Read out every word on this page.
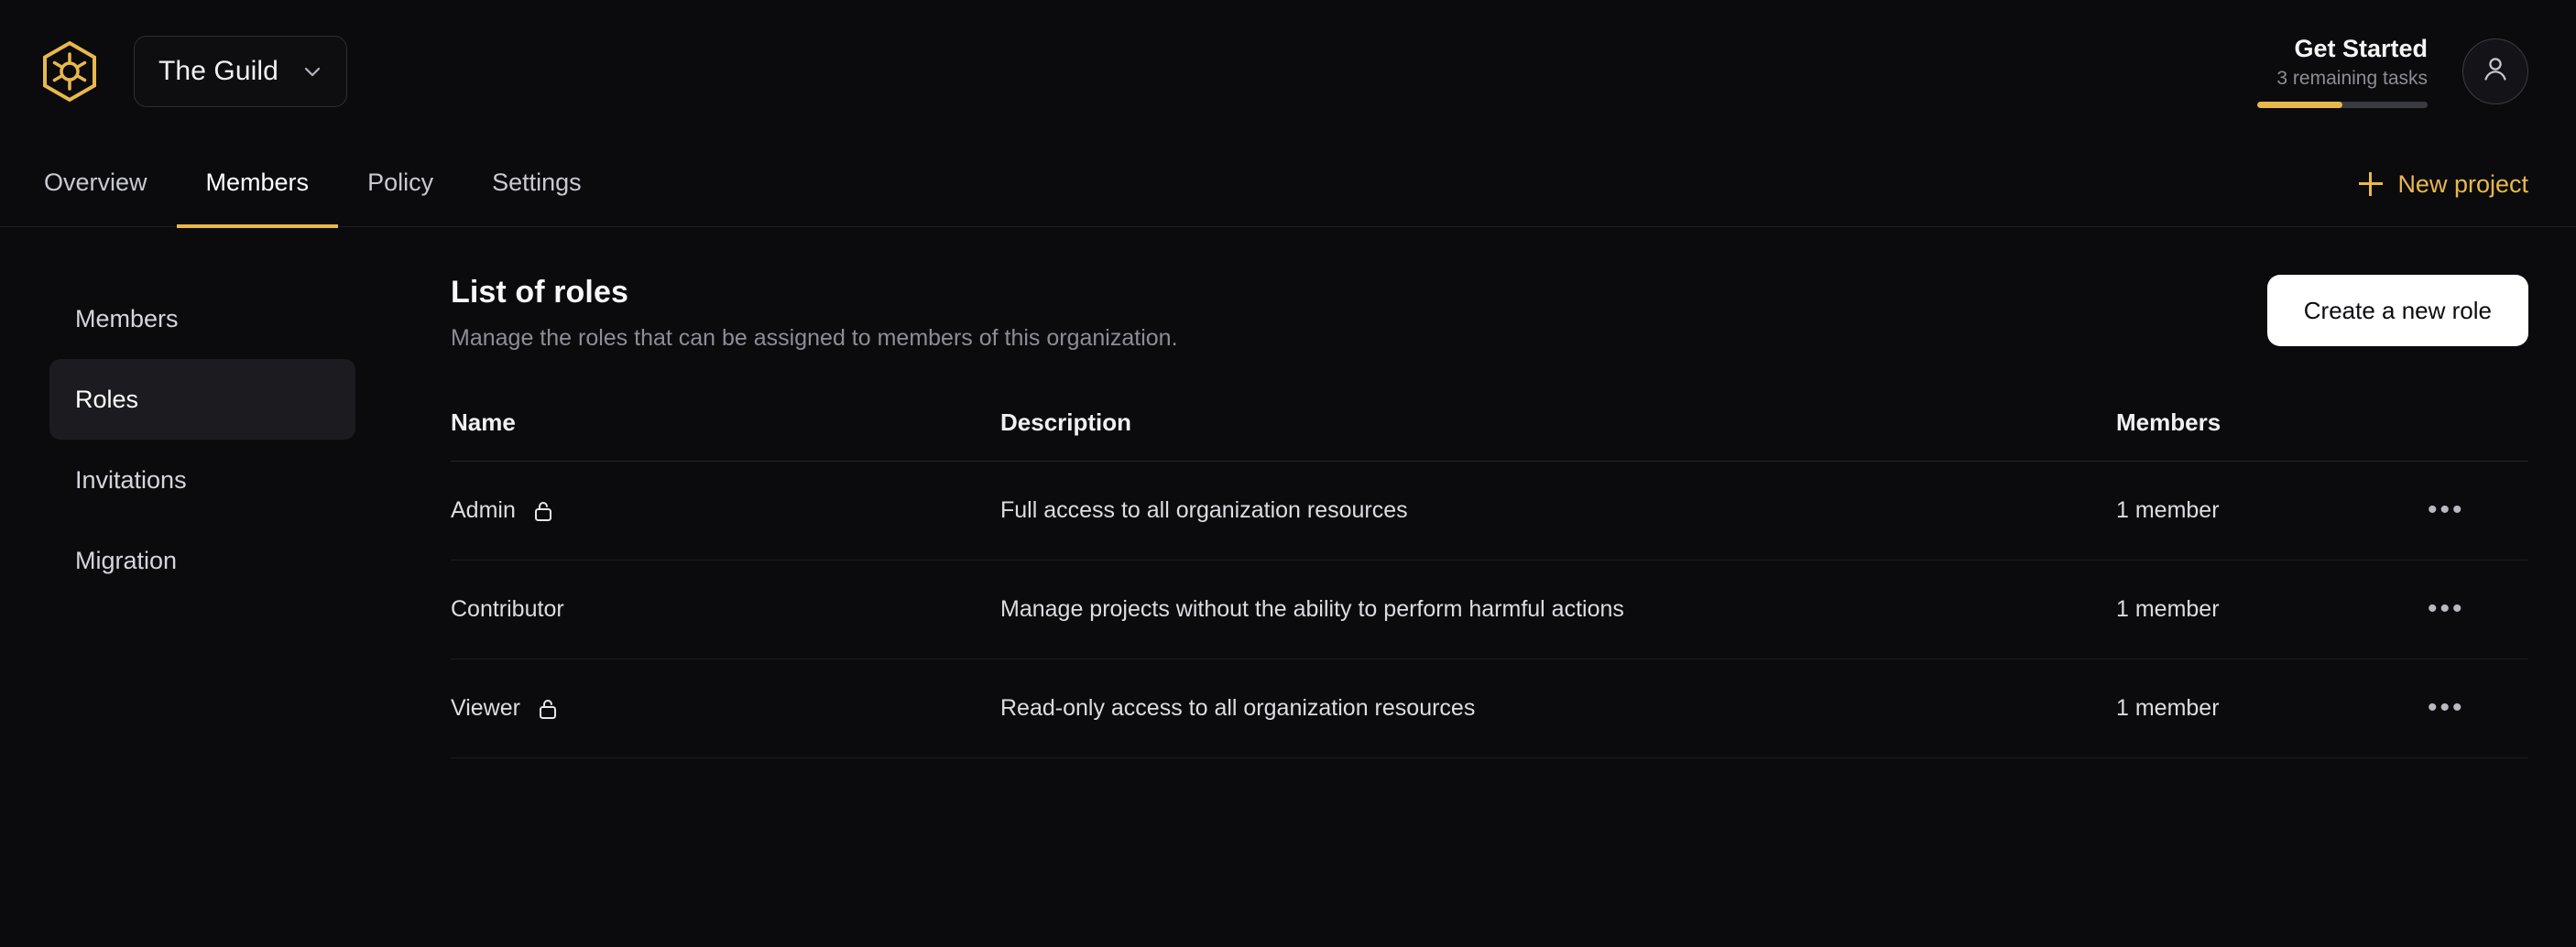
The Guild
Get Started
3 remaining tasks
Overview Members Policy Settings	New project
Members
Roles
Invitations
Migration
List of roles
Manage the roles that can be assigned to members of this organization.
Create a new role
Name	Description	Members	

Admin	Full access to all organization resources	1 member	•••

Contributor	Manage projects without the ability to perform harmful actions	1 member	•••

Viewer	Read-only access to all organization resources	1 member	•••
